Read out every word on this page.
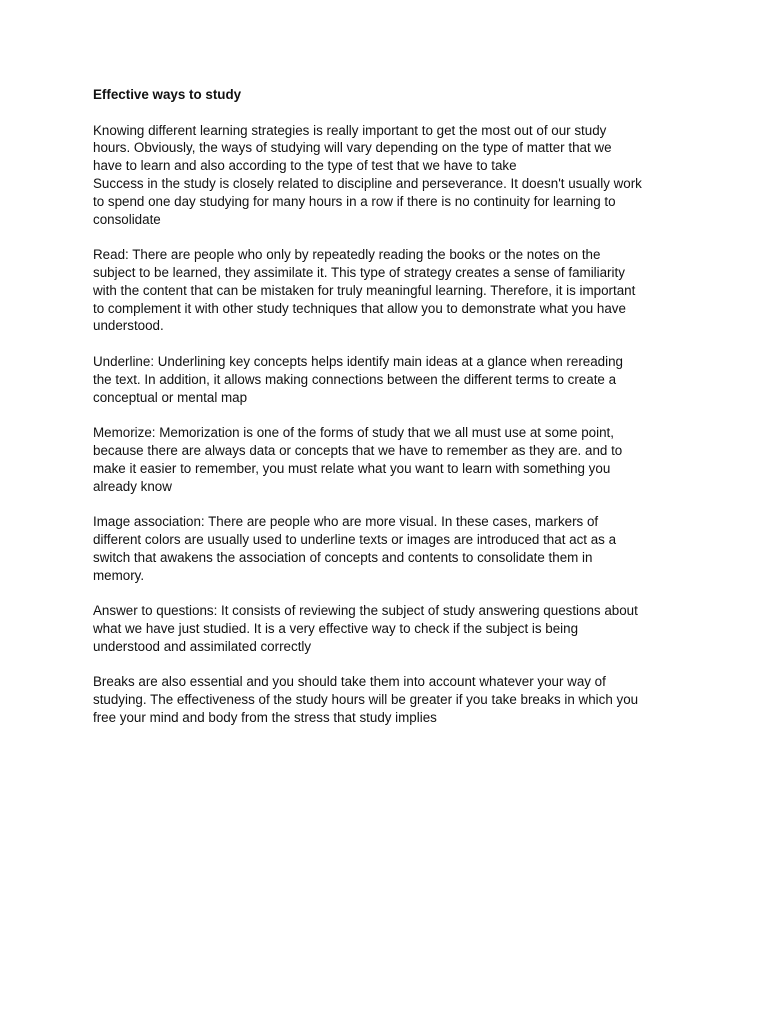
Effective ways to study
Knowing different learning strategies is really important to get the most out of our study
hours. Obviously, the ways of studying will vary depending on the type of matter that we
have to learn and also according to the type of test that we have to take
Success in the study is closely related to discipline and perseverance. It doesn't usually work
to spend one day studying for many hours in a row if there is no continuity for learning to
consolidate
Read: There are people who only by repeatedly reading the books or the notes on the
subject to be learned, they assimilate it. This type of strategy creates a sense of familiarity
with the content that can be mistaken for truly meaningful learning. Therefore, it is important
to complement it with other study techniques that allow you to demonstrate what you have
understood.
Underline: Underlining key concepts helps identify main ideas at a glance when rereading
the text. In addition, it allows making connections between the different terms to create a
conceptual or mental map
Memorize: Memorization is one of the forms of study that we all must use at some point,
because there are always data or concepts that we have to remember as they are. and to
make it easier to remember, you must relate what you want to learn with something you
already know
Image association: There are people who are more visual. In these cases, markers of
different colors are usually used to underline texts or images are introduced that act as a
switch that awakens the association of concepts and contents to consolidate them in
memory.
Answer to questions: It consists of reviewing the subject of study answering questions about
what we have just studied. It is a very effective way to check if the subject is being
understood and assimilated correctly
Breaks are also essential and you should take them into account whatever your way of
studying. The effectiveness of the study hours will be greater if you take breaks in which you
free your mind and body from the stress that study implies
